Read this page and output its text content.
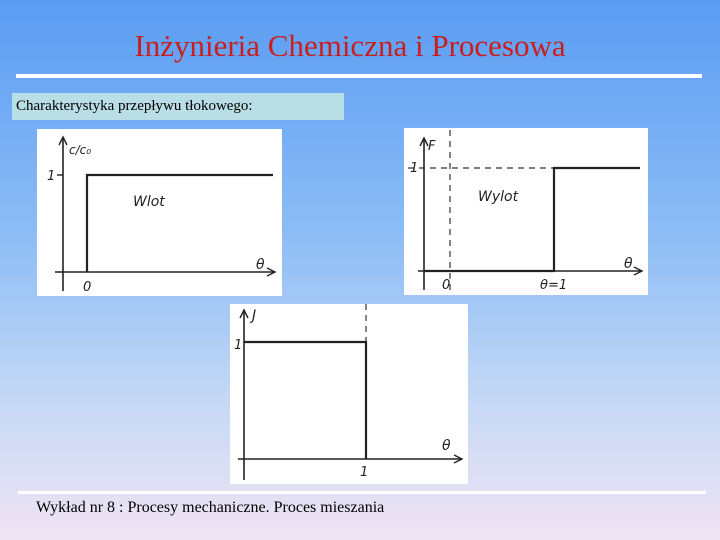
Inżynieria Chemiczna i Procesowa
Charakterystyka przepływu tłokowego:
c/c₀
1
Wlot
θ
0
F
1
Wylot
θ
0	θ=1
J
1
θ
1
Wykład nr 8 : Procesy mechaniczne. Proces mieszania
